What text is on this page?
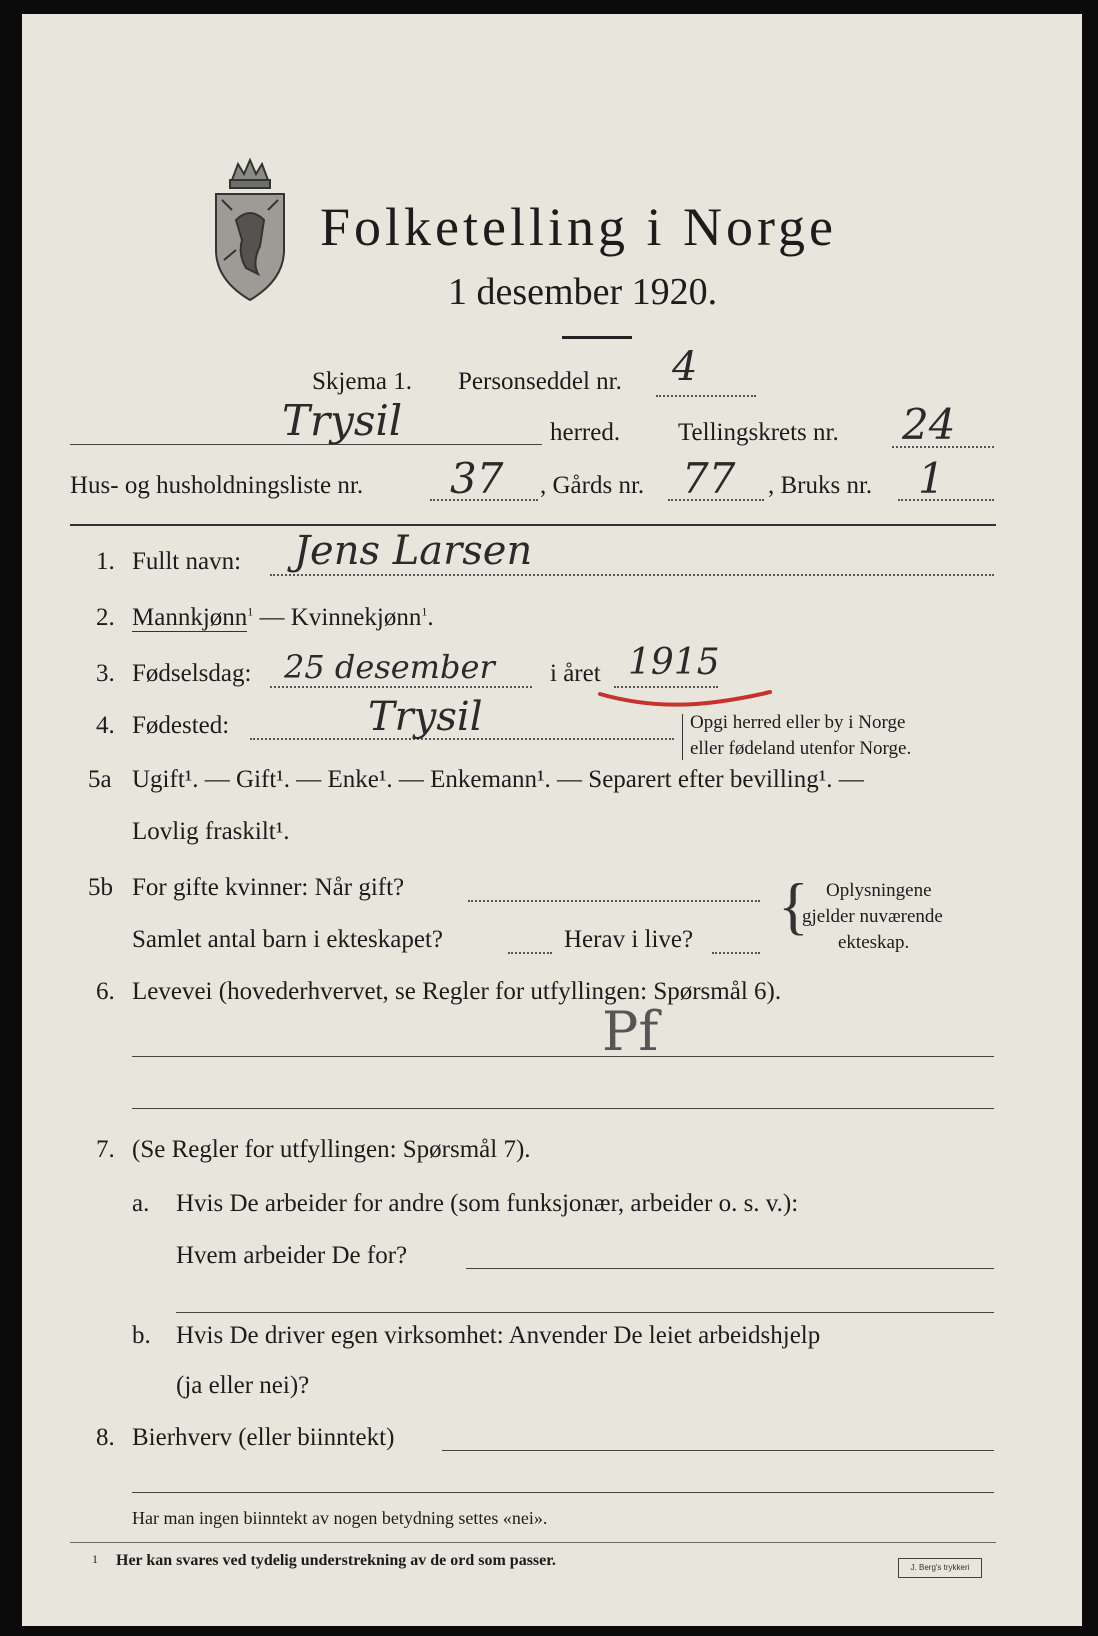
Folketelling i Norge
1 desember 1920.
Skjema 1. Personseddel nr. 4
Trysil	herred. Tellingskrets nr. 24
Hus- og husholdningsliste nr. 37 , Gårds nr. 77 , Bruks nr. 1
1. Fullt navn: Jens Larsen
2. Mannkjønn$^1$ — Kvinnekjønn$^1$.
3. Fødselsdag: 25 desember i året 1915
4. Fødested:	Trysil	Opgi herred eller by i Norge
eller fødeland utenfor Norge.
5a Ugift¹. — Gift¹. — Enke¹. — Enkemann¹. — Separert efter bevilling¹. —
Lovlig fraskilt¹.
5b For gifte kvinner: Når gift?
Samlet antal barn i ekteskapet?	Herav i live? { Oplysningene
gjelder nuværende
ekteskap.
6. Levevei (hovederhvervet, se Regler for utfyllingen: Spørsmål 6).
Pf
7. (Se Regler for utfyllingen: Spørsmål 7).
a. Hvis De arbeider for andre (som funksjonær, arbeider o. s. v.):
Hvem arbeider De for?
b. Hvis De driver egen virksomhet: Anvender De leiet arbeidshjelp
(ja eller nei)?
8. Bierhverv (eller biinntekt)
Har man ingen biinntekt av nogen betydning settes «nei».
1 Her kan svares ved tydelig understrekning av de ord som passer.	J. Berg's trykkeri
